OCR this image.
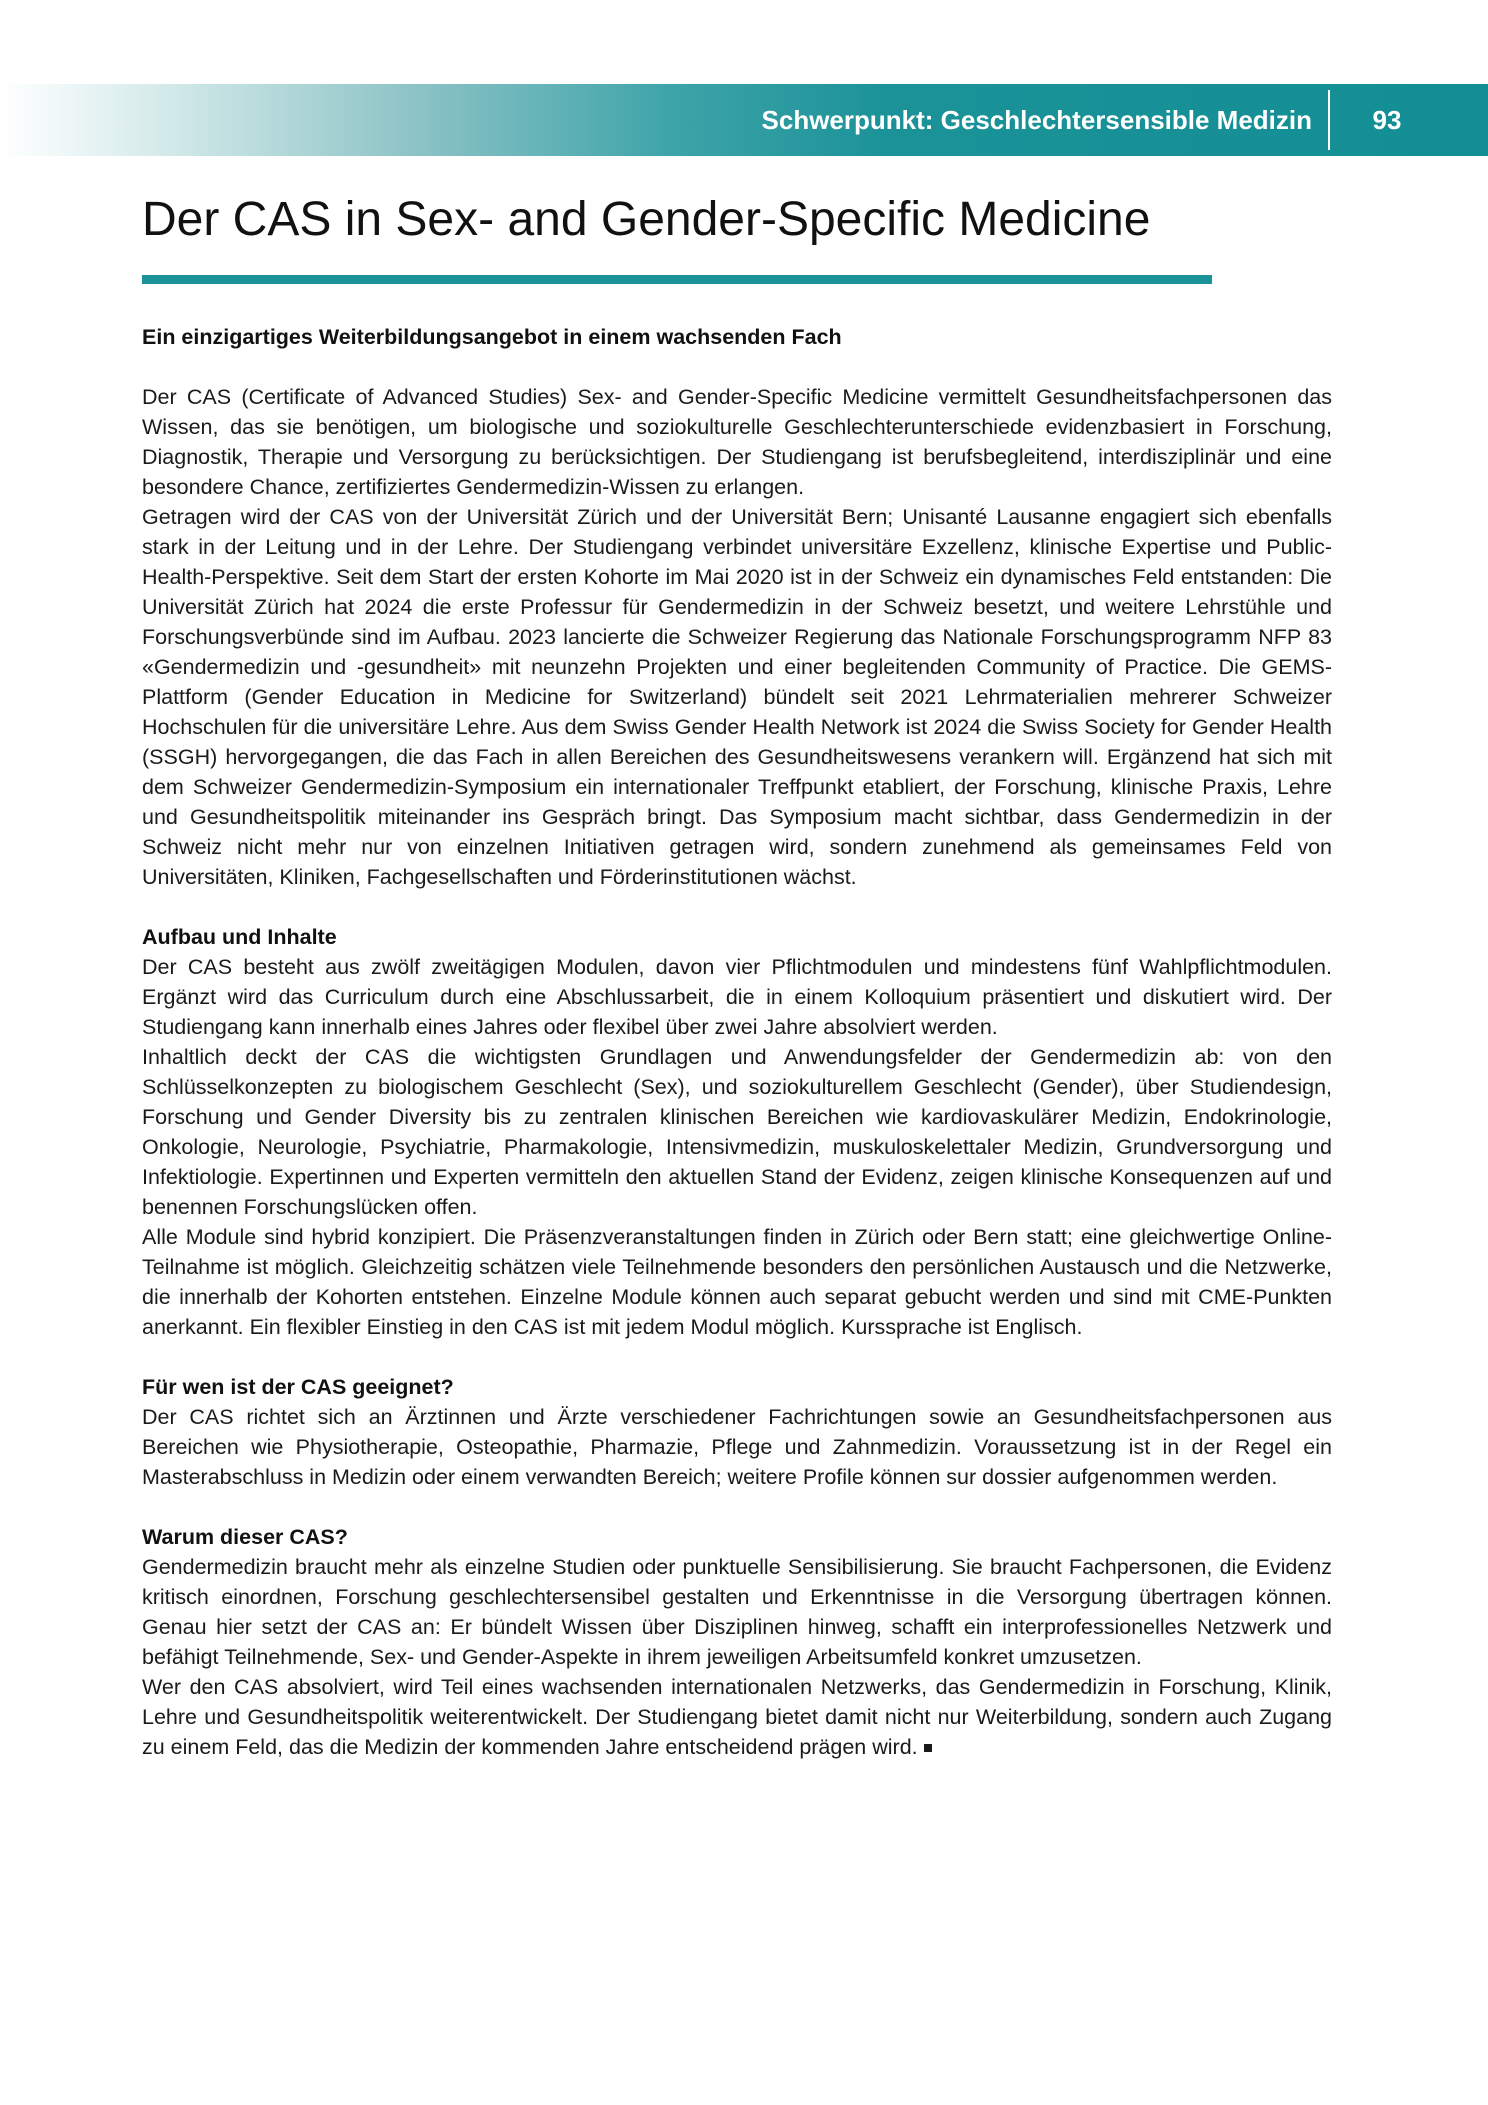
Schwerpunkt: Geschlechtersensible Medizin	93
Der CAS in Sex- and Gender-Specific Medicine
Ein einzigartiges Weiterbildungsangebot in einem wachsenden Fach

Der CAS (Certificate of Advanced Studies) Sex- and Gender-Specific Medicine vermittelt Gesundheitsfachpersonen das Wissen, das sie benötigen, um biologische und soziokulturelle Geschlechterunterschiede evidenzbasiert in Forschung, Diagnostik, Therapie und Versorgung zu berücksichtigen. Der Studiengang ist berufsbegleitend, interdisziplinär und eine besondere Chance, zertifiziertes Gendermedizin-Wissen zu erlangen.

Getragen wird der CAS von der Universität Zürich und der Universität Bern; Unisanté Lausanne engagiert sich ebenfalls stark in der Leitung und in der Lehre. Der Studiengang verbindet universitäre Exzellenz, klinische Expertise und Public-Health-Perspektive. Seit dem Start der ersten Kohorte im Mai 2020 ist in der Schweiz ein dynamisches Feld entstanden: Die Universität Zürich hat 2024 die erste Professur für Gendermedizin in der Schweiz besetzt, und weitere Lehrstühle und Forschungsverbünde sind im Aufbau. 2023 lancierte die Schweizer Regierung das Nationale Forschungsprogramm NFP 83 «Gendermedizin und -gesundheit» mit neunzehn Projekten und einer begleitenden Community of Practice. Die GEMS-Plattform (Gender Education in Medicine for Switzerland) bündelt seit 2021 Lehrmaterialien mehrerer Schweizer Hochschulen für die universitäre Lehre. Aus dem Swiss Gender Health Network ist 2024 die Swiss Society for Gender Health (SSGH) hervorgegangen, die das Fach in allen Bereichen des Gesundheitswesens verankern will. Ergänzend hat sich mit dem Schweizer Gendermedizin-Symposium ein internationaler Treffpunkt etabliert, der Forschung, klinische Praxis, Lehre und Gesundheitspolitik miteinander ins Gespräch bringt. Das Symposium macht sichtbar, dass Gendermedizin in der Schweiz nicht mehr nur von einzelnen Initiativen getragen wird, sondern zunehmend als gemeinsames Feld von Universitäten, Kliniken, Fachgesellschaften und Förderinstitutionen wächst.

Aufbau und Inhalte

Der CAS besteht aus zwölf zweitägigen Modulen, davon vier Pflichtmodulen und mindestens fünf Wahlpflichtmodulen. Ergänzt wird das Curriculum durch eine Abschlussarbeit, die in einem Kolloquium präsentiert und diskutiert wird. Der Studiengang kann innerhalb eines Jahres oder flexibel über zwei Jahre absolviert werden.

Inhaltlich deckt der CAS die wichtigsten Grundlagen und Anwendungsfelder der Gendermedizin ab: von den Schlüsselkonzepten zu biologischem Geschlecht (Sex), und soziokulturellem Geschlecht (Gender), über Studiendesign, Forschung und Gender Diversity bis zu zentralen klinischen Bereichen wie kardiovaskulärer Medizin, Endokrinologie, Onkologie, Neurologie, Psychiatrie, Pharmakologie, Intensivmedizin, muskuloskelettaler Medizin, Grundversorgung und Infektiologie. Expertinnen und Experten vermitteln den aktuellen Stand der Evidenz, zeigen klinische Konsequenzen auf und benennen Forschungslücken offen.

Alle Module sind hybrid konzipiert. Die Präsenzveranstaltungen finden in Zürich oder Bern statt; eine gleichwertige Online-Teilnahme ist möglich. Gleichzeitig schätzen viele Teilnehmende besonders den persönlichen Austausch und die Netzwerke, die innerhalb der Kohorten entstehen. Einzelne Module können auch separat gebucht werden und sind mit CME-Punkten anerkannt. Ein flexibler Einstieg in den CAS ist mit jedem Modul möglich. Kurssprache ist Englisch.

Für wen ist der CAS geeignet?

Der CAS richtet sich an Ärztinnen und Ärzte verschiedener Fachrichtungen sowie an Gesundheitsfachpersonen aus Bereichen wie Physiotherapie, Osteopathie, Pharmazie, Pflege und Zahnmedizin. Voraussetzung ist in der Regel ein Masterabschluss in Medizin oder einem verwandten Bereich; weitere Profile können sur dossier aufgenommen werden.

Warum dieser CAS?

Gendermedizin braucht mehr als einzelne Studien oder punktuelle Sensibilisierung. Sie braucht Fachpersonen, die Evidenz kritisch einordnen, Forschung geschlechtersensibel gestalten und Erkenntnisse in die Versorgung übertragen können. Genau hier setzt der CAS an: Er bündelt Wissen über Disziplinen hinweg, schafft ein interprofessionelles Netzwerk und befähigt Teilnehmende, Sex- und Gender-Aspekte in ihrem jeweiligen Arbeitsumfeld konkret umzusetzen.

Wer den CAS absolviert, wird Teil eines wachsenden internationalen Netzwerks, das Gendermedizin in Forschung, Klinik, Lehre und Gesundheitspolitik weiterentwickelt. Der Studiengang bietet damit nicht nur Weiterbildung, sondern auch Zugang zu einem Feld, das die Medizin der kommenden Jahre entscheidend prägen wird.
